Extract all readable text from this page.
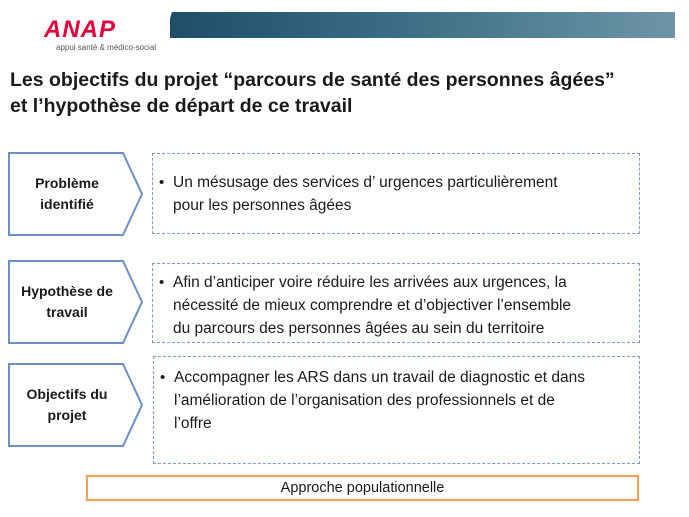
ANAP
appui santé & médico-social
Les objectifs du projet “parcours de santé des personnes âgées”
et l’hypothèse de départ de ce travail
Problème
identifié
• Un mésusage des services d’ urgences particulièrement
pour les personnes âgées
Hypothèse de
travail
• Afin d’anticiper voire réduire les arrivées aux urgences, la
nécessité de mieux comprendre et d’objectiver l’ensemble
du parcours des personnes âgées au sein du territoire
Objectifs du
projet
• Accompagner les ARS dans un travail de diagnostic et dans
l’amélioration de l’organisation des professionnels et de
l’offre
Approche populationnelle
